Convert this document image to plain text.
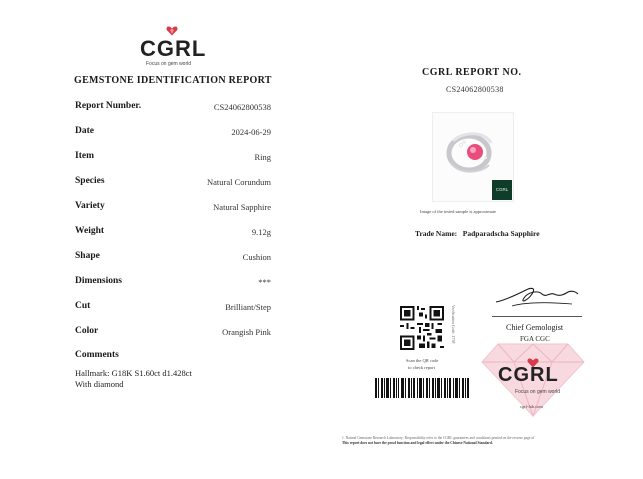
CGRL
Focus on gem world
GEMSTONE IDENTIFICATION REPORT
Report Number.	CS24062800538
Date	2024-06-29
Item	Ring
Species	Natural Corundum
Variety	Natural Sapphire
Weight	9.12g
Shape	Cushion
Dimensions	***
Cut	Brilliant/Step
Color	Orangish Pink
Comments
Hallmark: G18K S1.60ct d1.428ct
With diamond
CGRL REPORT NO.
CS24062800538
CGRL
Image of the tested sample is approximate
Trade Name: Padparadscha Sapphire
Verification Code: 1738
Scan the QR code
to check report
Chief Gemologist
FGA CGC
CGRL
Focus on gem world
cgrl-lab.com
1. Natural Gemstone Research Laboratory; Responsibility refer to the CGRL guarantees and conditions printed on the reverse page of
This report does not have the proof function and legal effect under the Chinese National Standard.
